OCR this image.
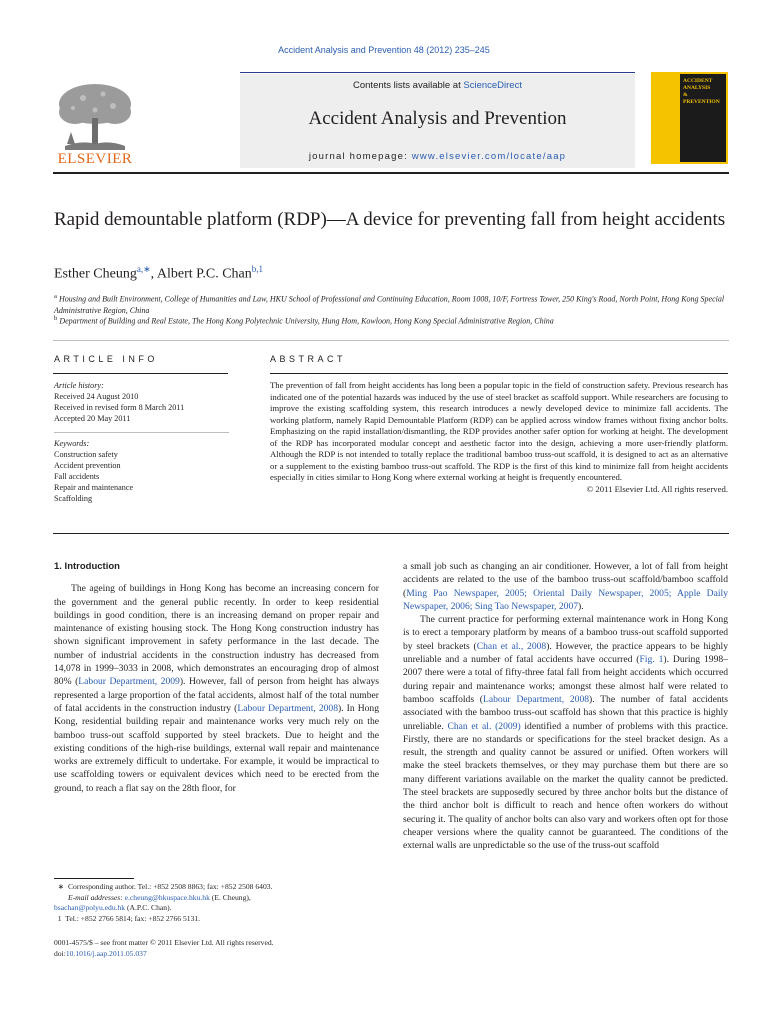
Accident Analysis and Prevention 48 (2012) 235–245
ELSEVIER
Contents lists available at ScienceDirect
Accident Analysis and Prevention
journal homepage: www.elsevier.com/locate/aap
ACCIDENT
ANALYSIS
&
PREVENTION
Rapid demountable platform (RDP)—A device for preventing fall from height accidents
Esther Cheung$^{a,∗}$, Albert P.C. Chan$^{b,1}$
$^a$ Housing and Built Environment, College of Humanities and Law, HKU School of Professional and Continuing Education, Room 1008, 10/F, Fortress Tower, 250 King's Road, North Point, Hong Kong Special Administrative Region, China
$^b$ Department of Building and Real Estate, The Hong Kong Polytechnic University, Hung Hom, Kowloon, Hong Kong Special Administrative Region, China
ARTICLE INFO	ABSTRACT
Article history:
Received 24 August 2010
Received in revised form 8 March 2011
Accepted 20 May 2011
Keywords:
Construction safety
Accident prevention
Fall accidents
Repair and maintenance
Scaffolding
The prevention of fall from height accidents has long been a popular topic in the field of construction safety. Previous research has indicated one of the potential hazards was induced by the use of steel bracket as scaffold support. While researchers are focusing to improve the existing scaffolding system, this research introduces a newly developed device to minimize fall accidents. The working platform, namely Rapid Demountable Platform (RDP) can be applied across window frames without fixing anchor bolts. Emphasizing on the rapid installation/dismantling, the RDP provides another safer option for working at height. The development of the RDP has incorporated modular concept and aesthetic factor into the design, achieving a more user-friendly platform. Although the RDP is not intended to totally replace the traditional bamboo truss-out scaffold, it is designed to act as an alternative or a supplement to the existing bamboo truss-out scaffold. The RDP is the first of this kind to minimize fall from height accidents especially in cities similar to Hong Kong where external working at height is frequently encountered.
© 2011 Elsevier Ltd. All rights reserved.
1. Introduction

The ageing of buildings in Hong Kong has become an increasing concern for the government and the general public recently. In order to keep residential buildings in good condition, there is an increasing demand on proper repair and maintenance of existing housing stock. The Hong Kong construction industry has shown significant improvement in safety performance in the last decade. The number of industrial accidents in the construction industry has decreased from 14,078 in 1999–3033 in 2008, which demonstrates an encouraging drop of almost 80% (Labour Department, 2009). However, fall of person from height has always represented a large proportion of the fatal accidents, almost half of the total number of fatal accidents in the construction industry (Labour Department, 2008). In Hong Kong, residential building repair and maintenance works very much rely on the bamboo truss-out scaffold supported by steel brackets. Due to height and the existing conditions of the high-rise buildings, external wall repair and maintenance works are extremely difficult to undertake. For example, it would be impractical to use scaffolding towers or equivalent devices which need to be erected from the ground, to reach a flat say on the 28th floor, for

a small job such as changing an air conditioner. However, a lot of fall from height accidents are related to the use of the bamboo truss-out scaffold/bamboo scaffold (Ming Pao Newspaper, 2005; Oriental Daily Newspaper, 2005; Apple Daily Newspaper, 2006; Sing Tao Newspaper, 2007).

The current practice for performing external maintenance work in Hong Kong is to erect a temporary platform by means of a bamboo truss-out scaffold supported by steel brackets (Chan et al., 2008). However, the practice appears to be highly unreliable and a number of fatal accidents have occurred (Fig. 1). During 1998–2007 there were a total of fifty-three fatal fall from height accidents which occurred during repair and maintenance works; amongst these almost half were related to bamboo scaffolds (Labour Department, 2008). The number of fatal accidents associated with the bamboo truss-out scaffold has shown that this practice is highly unreliable. Chan et al. (2009) identified a number of problems with this practice. Firstly, there are no standards or specifications for the steel bracket design. As a result, the strength and quality cannot be assured or unified. Often workers will make the steel brackets themselves, or they may purchase them but there are so many different variations available on the market the quality cannot be predicted. The steel brackets are supposedly secured by three anchor bolts but the distance of the third anchor bolt is difficult to reach and hence often workers do without securing it. The quality of anchor bolts can also vary and workers often opt for those cheaper versions where the quality cannot be guaranteed. The conditions of the external walls are unpredictable so the use of the truss-out scaffold

∗ Corresponding author. Tel.: +852 2508 8863; fax: +852 2508 6403.
E-mail addresses: e.cheung@hkuspace.hku.hk (E. Cheung),
bsachan@polyu.edu.hk (A.P.C. Chan).
1 Tel.: +852 2766 5814; fax: +852 2766 5131.
0001-4575/$ – see front matter © 2011 Elsevier Ltd. All rights reserved.
doi:10.1016/j.aap.2011.05.037
